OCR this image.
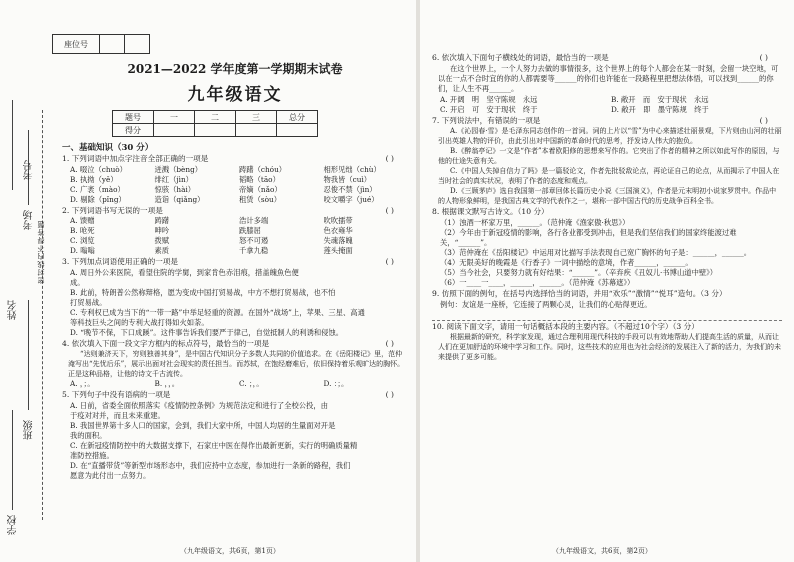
座位号
学校
班级
姓名
考场
考号
密封线内不得答题
2021—2022 学年度第一学期期末试卷
九年级语文
题号	一	二	三	总分
得分				
一、基础知识（30 分）
1. 下列词语中加点字注音全部正确的一项是	( )
A. 啜泣（chuò）	迸溅（bèng）	踌躇（chóu）	相形见绌（chù）
B. 执拗（yě）	绯红（jìn）	韬略（tāo）	物我皆（cuì）
C. 广袤（mào）	惊骇（hài）	帝嫡（nǎo）	忍俊不禁（jìn）
D. 剔除（pǐng）	造诣（qiǎng）	租赁（sòu）	咬文嚼字（jué）
2. 下列词语书写无误的一项是	( )
A. 馈赠	踌躇	浩计多端	吹吹擂带
B. 呛死	呻吟	跌膝屈	色衣雍华
C. 浏览	拨赋	怒不可遏	失魂落魄
D. 嗡嗡	素质	千拿九稳	莲头掩面
3. 下列加点词语使用正确的一项是	( )
A. 周日外公来医院，看望住院的学舅，到家肯色赤泪痕，措盖魄魚色便
成。
B. 此前，特朗普公然称辩格，愿为变成中国打贸易战，中方不想打贸易战，也不怕
打贸易战。
C. 专利权已成为当下的“一带一路”中举足轻重的资源。在国外“战场”上，苹果、三星、高通
等科技巨头之间的专利大战打得如火如荼。
D. “晚节不保，下口成蹊”。这件事告诉我们要严于律己，自觉抵制人的利诱和侵蚀。
4. 依次填入下面一段文字方框内的标点符号，最恰当的一项是	( )
“达则兼济天下，穷则独善其身”，是中国古代知识分子多数人共同的价值追求。在《岳阳楼记》里，范仲淹写出“先忧后乐”，展示出面对社会现实的责任担当。而苏轼，在饱经磨难后，依旧保持着乐观旷达的胸怀。正是这种品格，让他的诗文千古流传。
A. ，；。	B. ，，。	C. ；，。	D. ：；。
5. 下列句子中没有语病的一项是	( )
A. 日前，省委全面依照落实《疫情防控条例》为规范法定和进行了全校公投，由
于疫对对并，而且未来重建。
B. 我国世界第十多人口的国家，会到，我们大家中所，中国人均居的生量面对开是
我的面积。
C. 在新冠疫情防控中的大数据支撑下，石家庄中医在得作出最新更新，实行的明确质量精
准防控措施。
D. 在“直播带货”等新型市场形态中，我们应持中立态度，参加进行一条新的路程，我们
愿意为此付出一点努力。
（九年级语文，共6页，第1页）
6. 依次填入下面句子横线处的词语，最恰当的一项是	( )
在这个世界上，一个人努力去做的事情很多，这个世界上的每个人都会在某一时刻，会留一块空地，可以在一点不合时宜的你的人都需要等______的你们也许能在一段路程里把想法体悟，可以找到______的你们，让人生不再______。
A. 开阔　明　坚守陈规　永远	B. 敞开　而　安于现状　永远
C. 开启　可　安于现状　终于	D. 敞开　即　墨守陈规　终于
7. 下列说法中，有错误的一项是	( )
A.《沁园春·雪》是毛泽东同志创作的一首词。词的上片以“雪”为中心来描述壮丽景观，下片则由山河的壮丽引出英雄人物的评价，由此引出对中国新的革命时代的思考，抒发诗人伟大的抱负。
B.《醉翁亭记》一文是“作者”本着欧阳修的思想来写作的。它突出了作者的精神之所以如此写作的原因，与他的仕途失意有关。
C.《中国人失掉自信力了吗》是一篇驳论文，作者先批驳敌论点，再论证自己的论点，从而揭示了中国人在当时社会的真实状况，表明了作者的态度和观点。
D.《三顾茅庐》选自我国第一部章回体长篇历史小说《三国演义》，作者是元末明初小说家罗贯中。作品中的人物形象鲜明，是我国古典文学的代表作之一，堪称一部中国古代的历史战争百科全书。
8. 根据课文默写古诗文。（10 分）
（1）浊酒一杯家万里，______。（范仲淹《渔家傲·秋思》）
（2）今年由于新冠疫情的影响，各行各业都受到冲击，但是我们坚信我们的国家终能渡过难关，“______”。
（3）范仲淹在《岳阳楼记》中运用对比描写手法表现自己宽广胸怀的句子是：______，______。
（4）无限美好的晚霞是《行香子》一词中描绘的意境，作者______，______。
（5）当今社会，只要努力就有好结果：“______”。（辛弃疾《丑奴儿·书博山道中壁》）
（6）一____一____，______，______。（范仲淹《苏幕遮》）
9. 仿照下面的例句，在括号内选择恰当的词语，并用“欢乐”“激情”“悦耳”造句。（3 分）
例句：友谊是一座桥，它连接了两颗心灵，让我们的心贴得更近。
10. 阅读下面文字，请用一句话概括本段的主要内容。（不超过10个字）（3 分）
根据最新的研究，科学家发现，通过合理利用现代科技的手段可以有效地帮助人们提高生活的质量，从而让人们在更加舒适的环境中学习和工作。同时，这些技术的应用也为社会经济的发展注入了新的活力，为我们的未来提供了更多可能。
（九年级语文，共6页，第2页）
